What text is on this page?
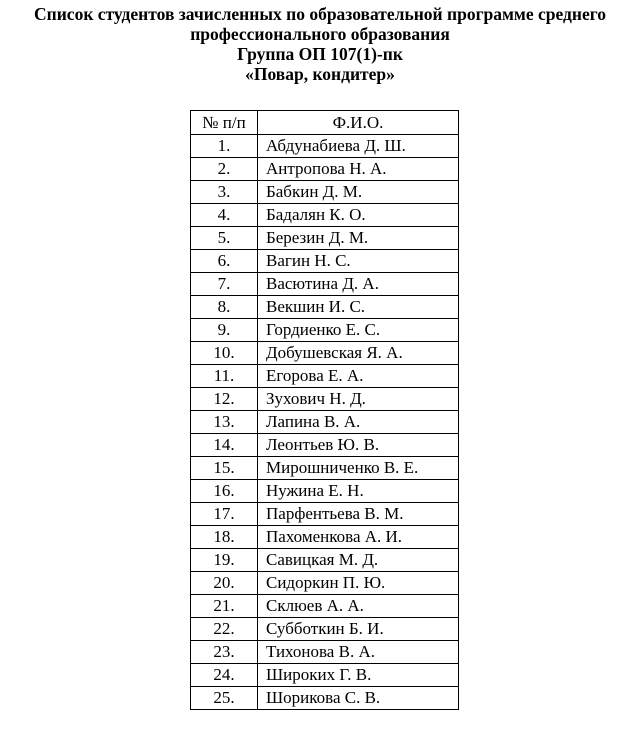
Список студентов зачисленных по образовательной программе среднего
профессионального образования
Группа ОП 107(1)-пк
«Повар, кондитер»
№ п/п	Ф.И.О.
1.	Абдунабиева Д. Ш.
2.	Антропова Н. А.
3.	Бабкин Д. М.
4.	Бадалян К. О.
5.	Березин Д. М.
6.	Вагин Н. С.
7.	Васютина Д. А.
8.	Векшин И. С.
9.	Гордиенко Е. С.
10.	Добушевская Я. А.
11.	Егорова Е. А.
12.	Зухович Н. Д.
13.	Лапина В. А.
14.	Леонтьев Ю. В.
15.	Мирошниченко В. Е.
16.	Нужина Е. Н.
17.	Парфентьева В. М.
18.	Пахоменкова А. И.
19.	Савицкая М. Д.
20.	Сидоркин П. Ю.
21.	Склюев А. А.
22.	Субботкин Б. И.
23.	Тихонова В. А.
24.	Широких Г. В.
25.	Шорикова С. В.
